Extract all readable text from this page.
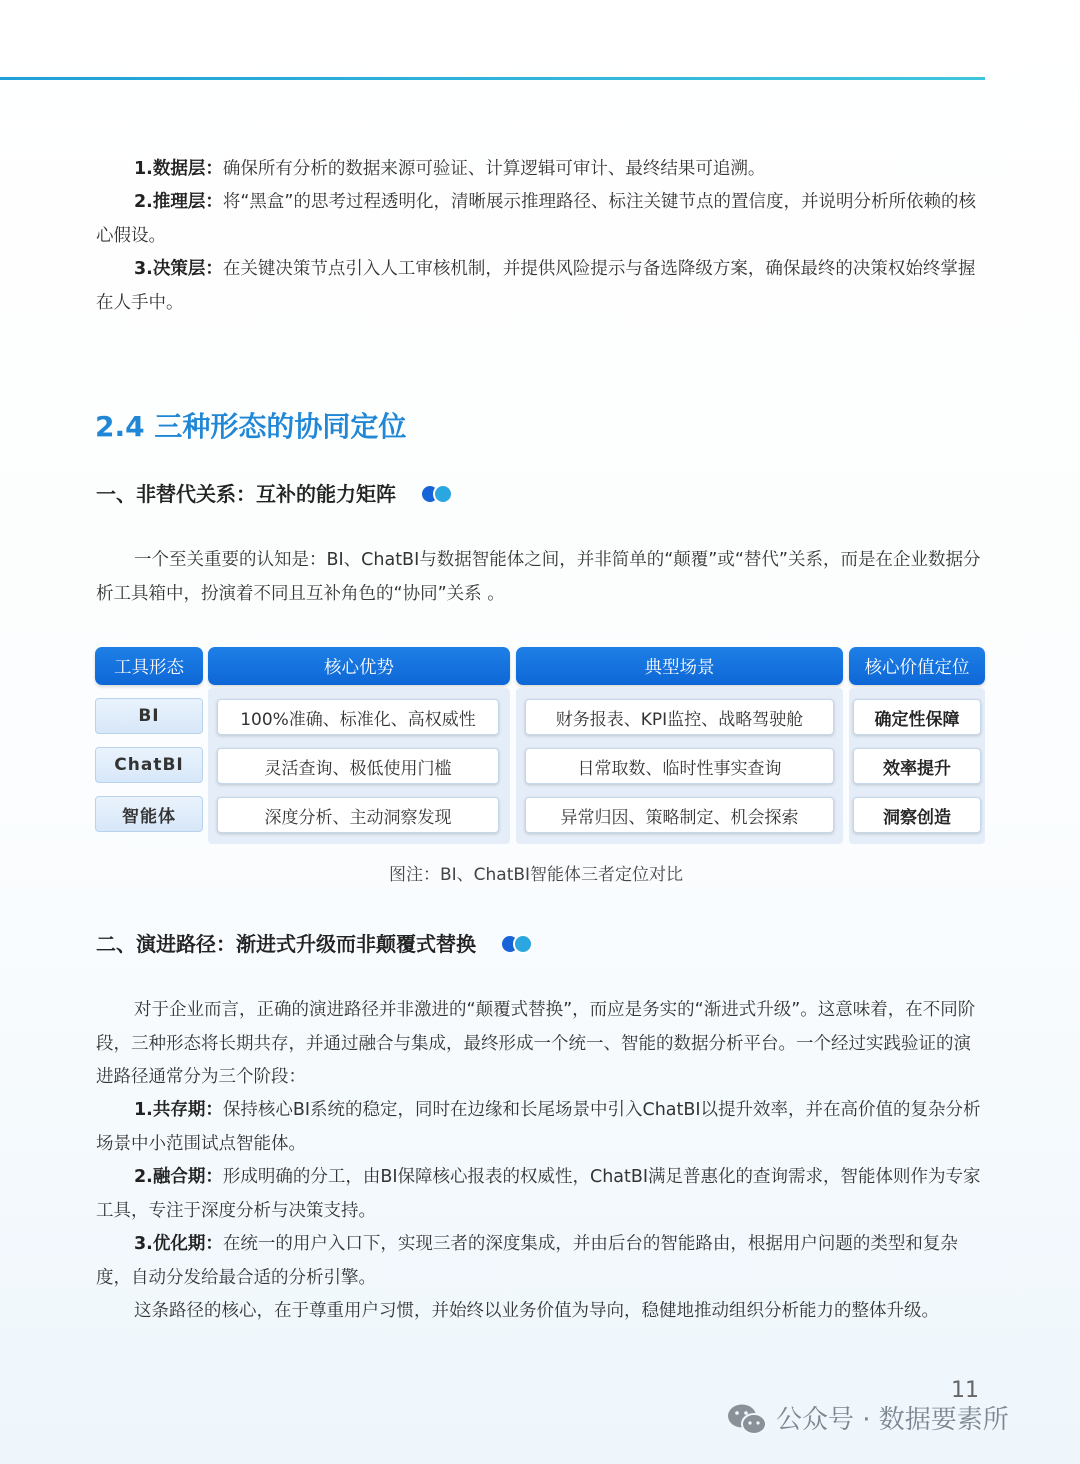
1.数据层：确保所有分析的数据来源可验证、计算逻辑可审计、最终结果可追溯。

2.推理层：将“黑盒”的思考过程透明化，清晰展示推理路径、标注关键节点的置信度，并说明分析所依赖的核心假设。

3.决策层：在关键决策节点引入人工审核机制，并提供风险提示与备选降级方案，确保最终的决策权始终掌握在人手中。

2.4 三种形态的协同定位
一、非替代关系：互补的能力矩阵

一个至关重要的认知是：BI、ChatBI与数据智能体之间，并非简单的“颠覆”或“替代”关系，而是在企业数据分析工具箱中，扮演着不同且互补角色的“协同”关系 。

工具形态	核心优势	典型场景	核心价值定位
BI	100%准确、标准化、高权威性	财务报表、KPI监控、战略驾驶舱	确定性保障
ChatBI	灵活查询、极低使用门槛	日常取数、临时性事实查询	效率提升
智能体	深度分析、主动洞察发现	异常归因、策略制定、机会探索	洞察创造
图注：BI、ChatBI智能体三者定位对比
二、演进路径：渐进式升级而非颠覆式替换

对于企业而言，正确的演进路径并非激进的“颠覆式替换”，而应是务实的“渐进式升级”。这意味着，在不同阶段，三种形态将长期共存，并通过融合与集成，最终形成一个统一、智能的数据分析平台。一个经过实践验证的演进路径通常分为三个阶段：

1.共存期：保持核心BI系统的稳定，同时在边缘和长尾场景中引入ChatBI以提升效率，并在高价值的复杂分析场景中小范围试点智能体。

2.融合期：形成明确的分工，由BI保障核心报表的权威性，ChatBI满足普惠化的查询需求，智能体则作为专家工具，专注于深度分析与决策支持。

3.优化期：在统一的用户入口下，实现三者的深度集成，并由后台的智能路由，根据用户问题的类型和复杂度，自动分发给最合适的分析引擎。

这条路径的核心，在于尊重用户习惯，并始终以业务价值为导向，稳健地推动组织分析能力的整体升级。

11
公众号 · 数据要素所
